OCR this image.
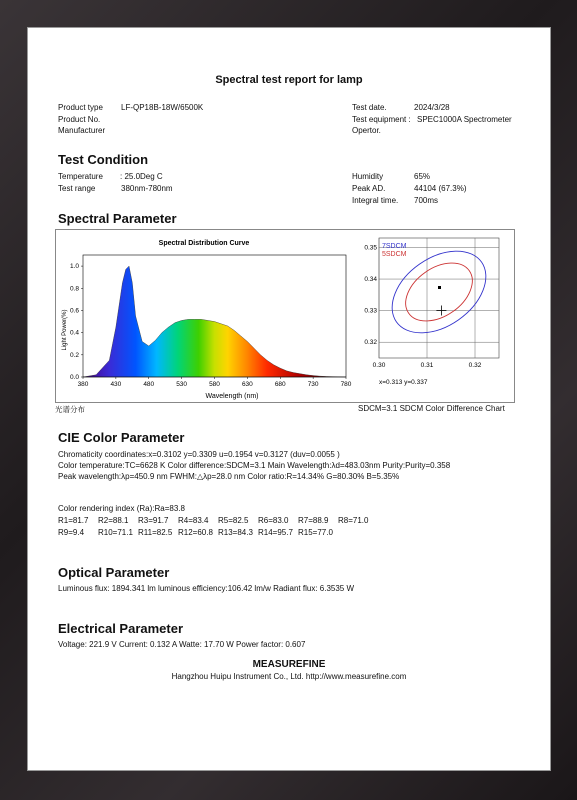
Spectral test report for lamp
Product type LF-QP18B-18W/6500K
Product No.
Manufacturer
Test date.	2024/3/28
Test equipment : SPEC1000A Spectrometer
Opertor.
Test Condition
Temperature : 25.0Deg C
Test range	380nm-780nm
Humidity	65%
Peak AD.	44104 (67.3%)
Integral time. 700ms
Spectral Parameter
Spectral Distribution Curve
380	430	480	530	580	630	680	730	780
0.0
0.2
0.4
0.6
0.8
1.0
Wavelength (nm)
Light Power(%)
7SDCM
5SDCM
0.30	0.31	0.32
0.35
0.34
0.33
0.32
x=0.313 y=0.337
光谱分布	SDCM=3.1 SDCM Color Difference Chart
CIE Color Parameter
Chromaticity coordinates:x=0.3102 y=0.3309 u=0.1954 v=0.3127 (duv=0.0055 )
Color temperature:TC=6628 K Color difference:SDCM=3.1 Main Wavelength:λd=483.03nm Purity:Purity=0.358
Peak wavelength:λp=450.9 nm FWHM:△λp=28.0 nm Color ratio:R=14.34% G=80.30% B=5.35%
Color rendering index (Ra):Ra=83.8
R1=81.7 R2=88.1 R3=91.7 R4=83.4 R5=82.5 R6=83.0 R7=88.9 R8=71.0
R9=9.4 R10=71.1 R11=82.5 R12=60.8 R13=84.3 R14=95.7 R15=77.0
Optical Parameter
Luminous flux: 1894.341 lm luminous efficiency:106.42 lm/w Radiant flux: 6.3535 W
Electrical Parameter
Voltage: 221.9 V Current: 0.132 A Watte: 17.70 W Power factor: 0.607
MEASUREFINE
Hangzhou Huipu Instrument Co., Ltd. http://www.measurefine.com
